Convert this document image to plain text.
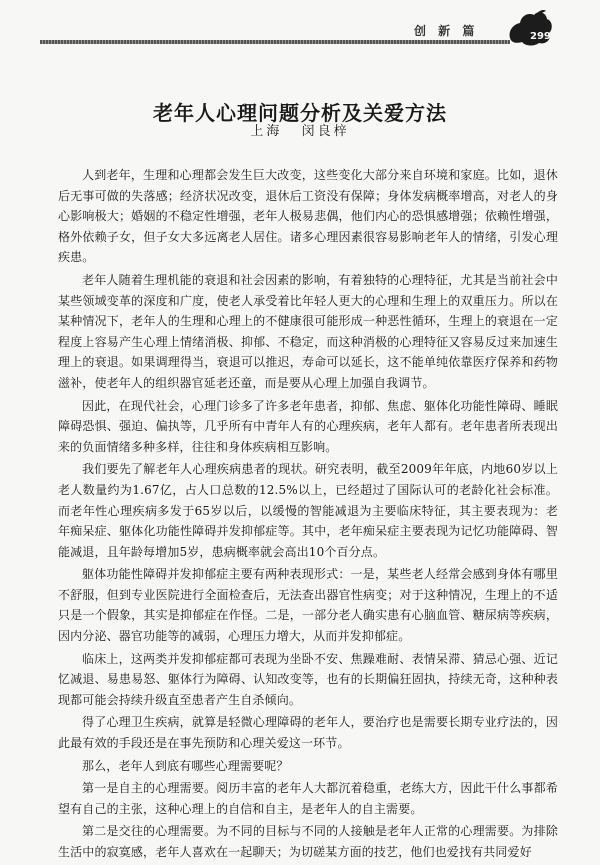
创 新 篇	299
老年人心理问题分析及关爱方法
上海 闵良梓

人到老年，生理和心理都会发生巨大改变，这些变化大部分来自环境和家庭。比如，退休后无事可做的失落感；经济状况改变，退休后工资没有保障；身体发病概率增高，对老人的身心影响极大；婚姻的不稳定性增强，老年人极易悲偶，他们内心的恐惧感增强；依赖性增强，格外依赖子女，但子女大多远离老人居住。诸多心理因素很容易影响老年人的情绪，引发心理疾患。

老年人随着生理机能的衰退和社会因素的影响，有着独特的心理特征，尤其是当前社会中某些领域变革的深度和广度，使老人承受着比年轻人更大的心理和生理上的双重压力。所以在某种情况下，老年人的生理和心理上的不健康很可能形成一种恶性循环，生理上的衰退在一定程度上容易产生心理上情绪消极、抑郁、不稳定，而这种消极的心理特征又容易反过来加速生理上的衰退。如果调理得当，衰退可以推迟，寿命可以延长，这不能单纯依靠医疗保养和药物滋补，使老年人的组织器官延老还童，而是要从心理上加强自我调节。

因此，在现代社会，心理门诊多了许多老年患者，抑郁、焦虑、躯体化功能性障碍、睡眠障碍恐惧、强迫、偏执等，几乎所有中青年人有的心理疾病，老年人都有。老年患者所表现出来的负面情绪多种多样，往往和身体疾病相互影响。

我们要先了解老年人心理疾病患者的现状。研究表明，截至2009年年底，内地60岁以上老人数量约为1.67亿，占人口总数的12.5%以上，已经超过了国际认可的老龄化社会标准。而老年性心理疾病多发于65岁以后，以缓慢的智能减退为主要临床特征，其主要表现为：老年痴呆症、躯体化功能性障碍并发抑郁症等。其中，老年痴呆症主要表现为记忆功能障碍、智能减退，且年龄每增加5岁，患病概率就会高出10个百分点。

躯体功能性障碍并发抑郁症主要有两种表现形式：一是，某些老人经常会感到身体有哪里不舒服，但到专业医院进行全面检查后，无法查出器官性病变；对于这种情况，生理上的不适只是一个假象，其实是抑郁症在作怪。二是，一部分老人确实患有心脑血管、糖尿病等疾病，因内分泌、器官功能等的减弱，心理压力增大，从而并发抑郁症。

临床上，这两类并发抑郁症都可表现为坐卧不安、焦躁难耐、表情呆滞、猜忌心强、近记忆减退、易患易怒、躯体行为障碍、认知改变等，也有的长期偏狂固执，持续无奇，这种种表现都可能会持续升级直至患者产生自杀倾向。

得了心理卫生疾病，就算是轻微心理障碍的老年人，要治疗也是需要长期专业疗法的，因此最有效的手段还是在事先预防和心理关爱这一环节。

那么，老年人到底有哪些心理需要呢？

第一是自主的心理需要。阅历丰富的老年人大都沉着稳重，老练大方，因此干什么事都希望有自己的主张，这种心理上的自信和自主，是老年人的自主需要。

第二是交往的心理需要。为不同的目标与不同的人接触是老年人正常的心理需要。为排除生活中的寂寞感，老年人喜欢在一起聊天；为切磋某方面的技艺，他们也爱找有共同爱好
